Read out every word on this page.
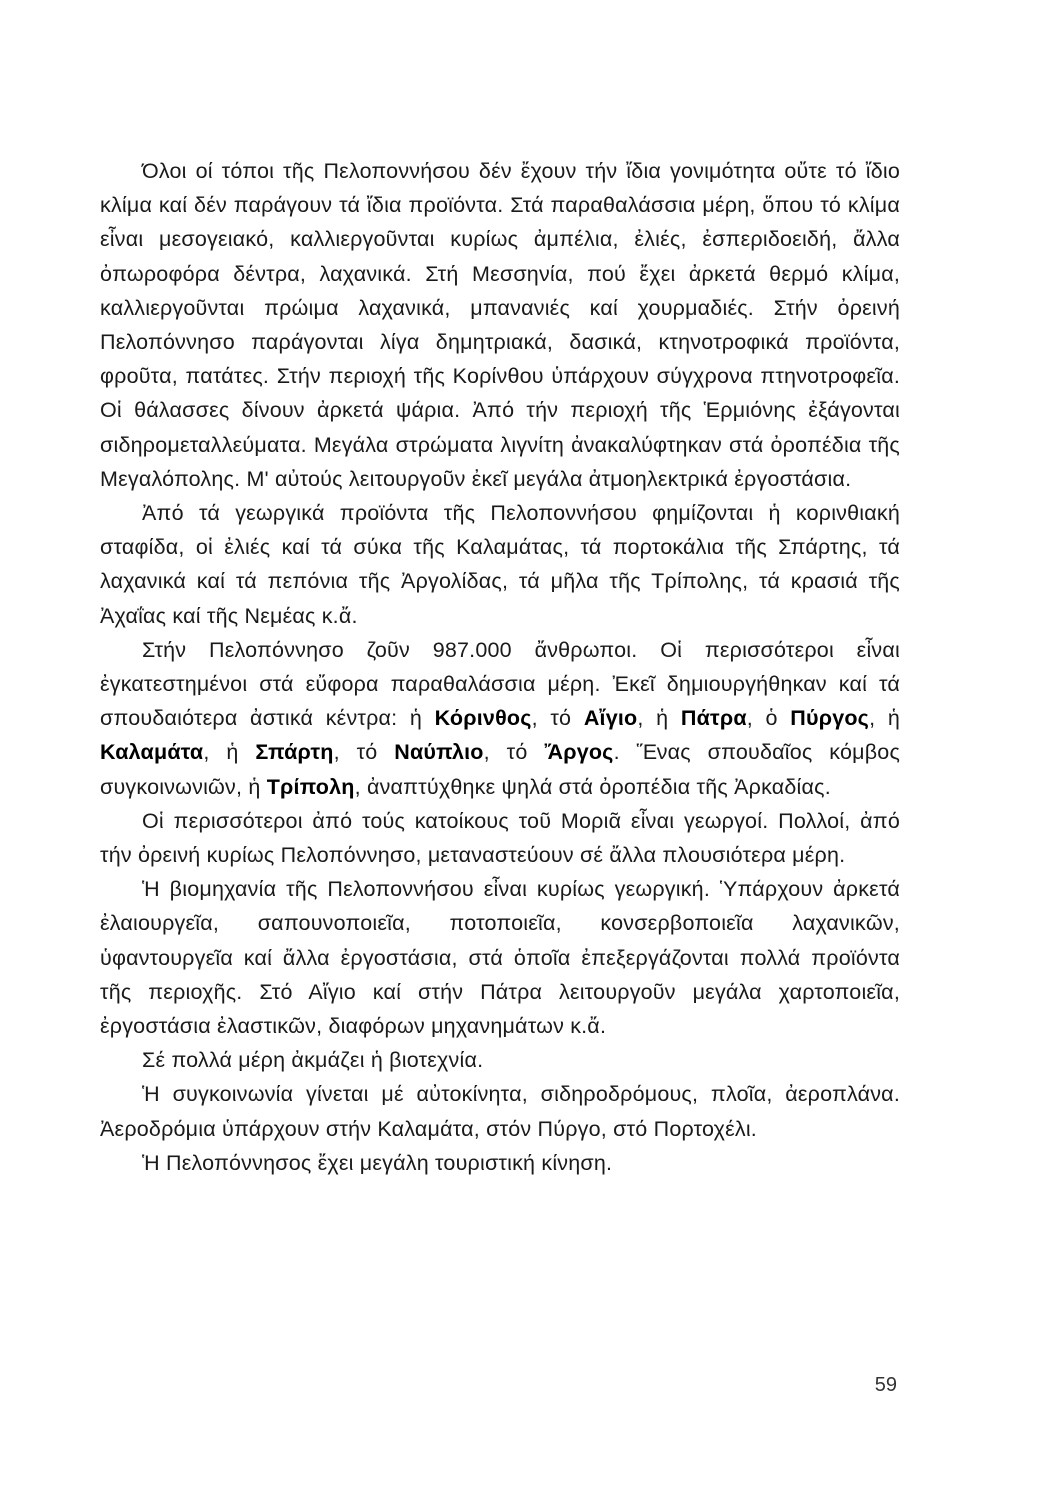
Όλοι οί τόποι τῆς Πελοποννήσου δέν ἔχουν τήν ἴδια γονιμότητα οὔτε τό ἴδιο κλίμα καί δέν παράγουν τά ἴδια προϊόντα. Στά παραθαλάσσια μέρη, ὅπου τό κλίμα εἶναι μεσογειακό, καλλιεργοῦνται κυρίως ἀμπέλια, ἐλιές, ἐσπεριδοειδή, ἄλλα ὀπωροφόρα δέντρα, λαχανικά. Στή Μεσσηνία, πού ἔχει ἀρκετά θερμό κλίμα, καλλιεργοῦνται πρώιμα λαχανικά, μπανανιές καί χουρμαδιές. Στήν ὀρεινή Πελοπόννησο παράγονται λίγα δημητριακά, δασικά, κτηνοτροφικά προϊόντα, φροῦτα, πατάτες. Στήν περιοχή τῆς Κορίνθου ὑπάρχουν σύγχρονα πτηνοτροφεῖα. Οἱ θάλασσες δίνουν ἀρκετά ψάρια. Ἀπό τήν περιοχή τῆς Ἑρμιόνης ἐξάγονται σιδηρομεταλλεύματα. Μεγάλα στρώματα λιγνίτη ἀνακαλύφτηκαν στά ὀροπέδια τῆς Μεγαλόπολης. Μ' αὐτούς λειτουργοῦν ἐκεῖ μεγάλα ἀτμοηλεκτρικά ἐργοστάσια.

Ἀπό τά γεωργικά προϊόντα τῆς Πελοποννήσου φημίζονται ἡ κορινθιακή σταφίδα, οἱ ἐλιές καί τά σύκα τῆς Καλαμάτας, τά πορτοκάλια τῆς Σπάρτης, τά λαχανικά καί τά πεπόνια τῆς Ἀργολίδας, τά μῆλα τῆς Τρίπολης, τά κρασιά τῆς Ἀχαΐας καί τῆς Νεμέας κ.ἄ.

Στήν Πελοπόννησο ζοῦν 987.000 ἄνθρωποι. Οἱ περισσότεροι εἶναι ἐγκατεστημένοι στά εὔφορα παραθαλάσσια μέρη. Ἐκεῖ δημιουργήθηκαν καί τά σπουδαιότερα ἀστικά κέντρα: ἡ Κόρινθος, τό Αἴγιο, ἡ Πάτρα, ὁ Πύργος, ἡ Καλαμάτα, ἡ Σπάρτη, τό Ναύπλιο, τό Ἄργος. Ἕνας σπουδαῖος κόμβος συγκοινωνιῶν, ἡ Τρίπολη, ἀναπτύχθηκε ψηλά στά ὀροπέδια τῆς Ἀρκαδίας.

Οἱ περισσότεροι ἀπό τούς κατοίκους τοῦ Μοριᾶ εἶναι γεωργοί. Πολλοί, ἀπό τήν ὀρεινή κυρίως Πελοπόννησο, μεταναστεύουν σέ ἄλλα πλουσιότερα μέρη.

Ἡ βιομηχανία τῆς Πελοποννήσου εἶναι κυρίως γεωργική. Ὑπάρχουν ἀρκετά ἐλαιουργεῖα, σαπουνοποιεῖα, ποτοποιεῖα, κονσερβοποιεῖα λαχανικῶν, ὑφαντουργεῖα καί ἄλλα ἐργοστάσια, στά ὁποῖα ἐπεξεργάζονται πολλά προϊόντα τῆς περιοχῆς. Στό Αἴγιο καί στήν Πάτρα λειτουργοῦν μεγάλα χαρτοποιεῖα, ἐργοστάσια ἐλαστικῶν, διαφόρων μηχανημάτων κ.ἄ.

Σέ πολλά μέρη ἀκμάζει ἡ βιοτεχνία.

Ἡ συγκοινωνία γίνεται μέ αὐτοκίνητα, σιδηροδρόμους, πλοῖα, ἀεροπλάνα. Ἀεροδρόμια ὑπάρχουν στήν Καλαμάτα, στόν Πύργο, στό Πορτοχέλι.

Ἡ Πελοπόννησος ἔχει μεγάλη τουριστική κίνηση.

59
